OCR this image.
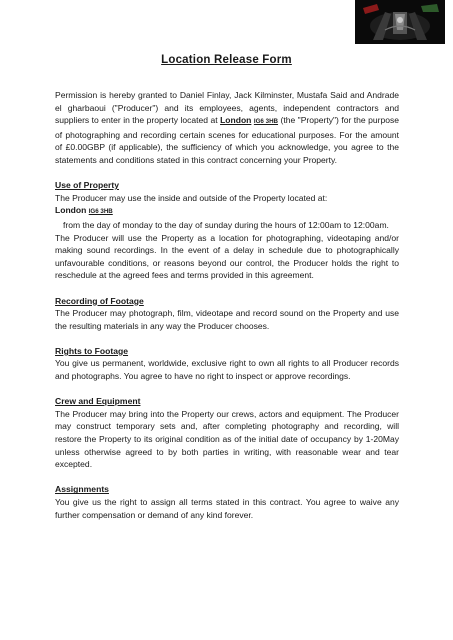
Location Release Form

Permission is hereby granted to Daniel Finlay, Jack Kilminster, Mustafa Said and Andrade el gharbaoui ("Producer") and its employees, agents, independent contractors and suppliers to enter in the property located at London IG6 3HB (the "Property") for the purpose of photographing and recording certain scenes for educational purposes. For the amount of £0.00GBP (if applicable), the sufficiency of which you acknowledge, you agree to the statements and conditions stated in this contract concerning your Property.

Use of Property

The Producer may use the inside and outside of the Property located at:

London IG6 3HB

from the day of monday to the day of sunday during the hours of 12:00am to 12:00am.

The Producer will use the Property as a location for photographing, videotaping and/or making sound recordings. In the event of a delay in schedule due to photographically unfavourable conditions, or reasons beyond our control, the Producer holds the right to reschedule at the agreed fees and terms provided in this agreement.

Recording of Footage

The Producer may photograph, film, videotape and record sound on the Property and use the resulting materials in any way the Producer chooses.

Rights to Footage

You give us permanent, worldwide, exclusive right to own all rights to all Producer records and photographs. You agree to have no right to inspect or approve recordings.

Crew and Equipment

The Producer may bring into the Property our crews, actors and equipment. The Producer may construct temporary sets and, after completing photography and recording, will restore the Property to its original condition as of the initial date of occupancy by 1-20May unless otherwise agreed to by both parties in writing, with reasonable wear and tear excepted.

Assignments

You give us the right to assign all terms stated in this contract. You agree to waive any further compensation or demand of any kind forever.
